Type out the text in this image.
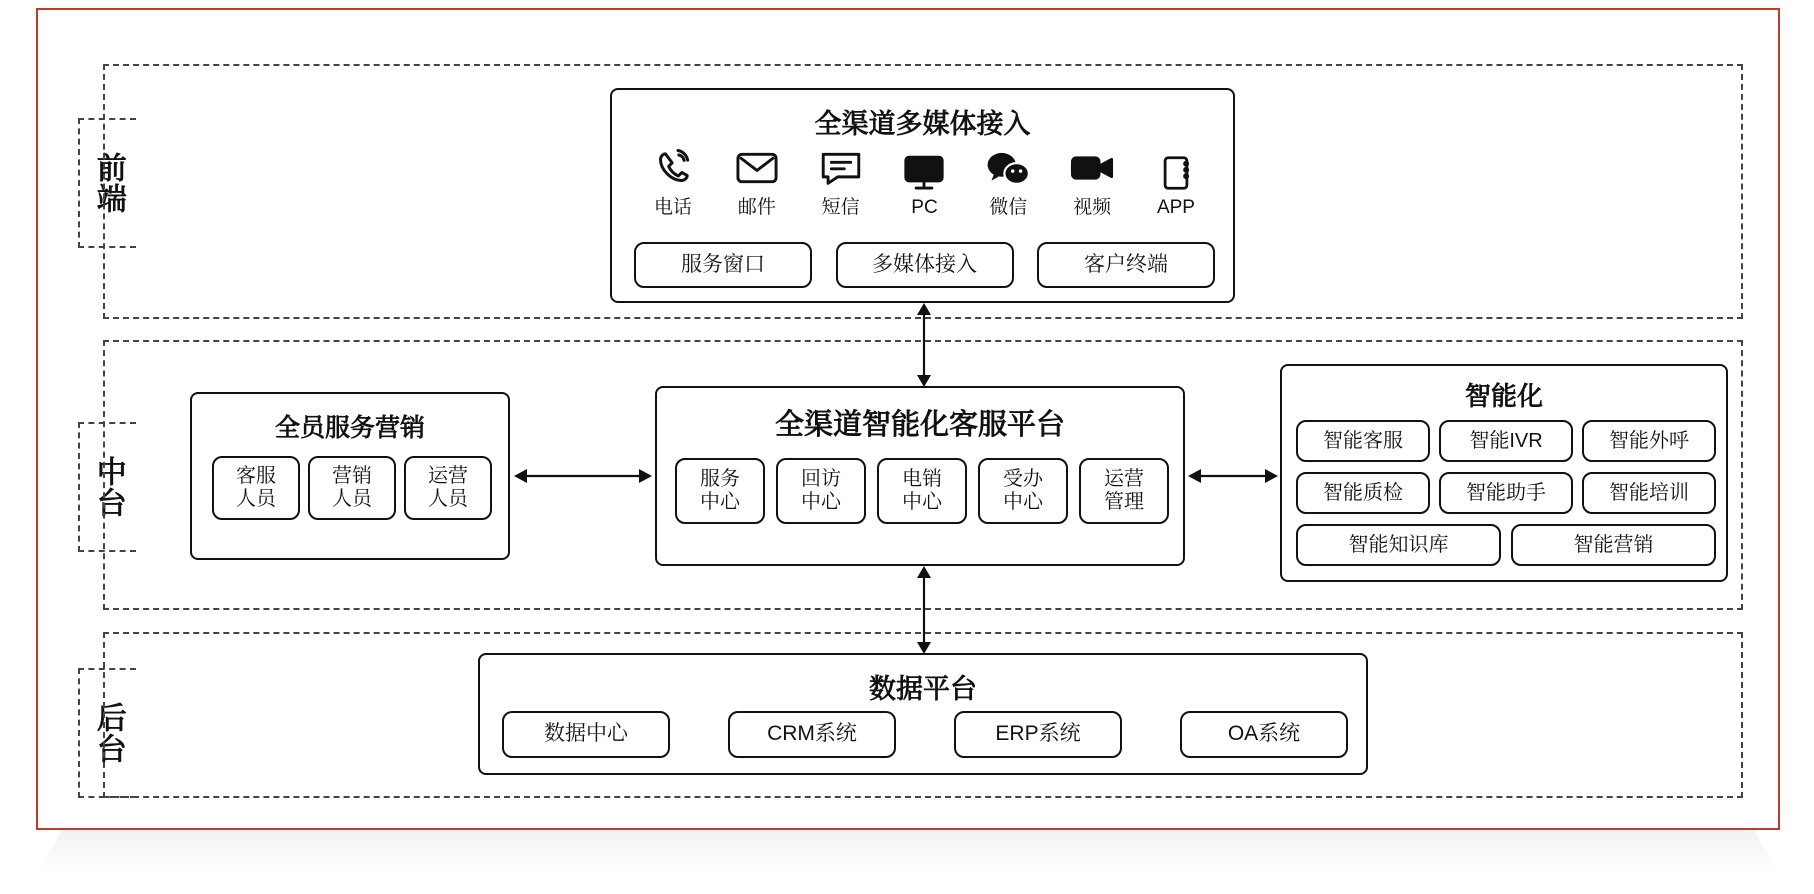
前端
全渠道多媒体接入
电话 邮件 短信	PC	微信 视频 APP
服务窗口	多媒体接入	客户终端
中台
全员服务营销
客服
人员
营销
人员
运营
人员
全渠道智能化客服平台
服务
中心
回访
中心
电销
中心
受办
中心
运营
管理
智能化
智能客服	智能IVR	智能外呼
智能质检	智能助手	智能培训
智能知识库	智能营销
后台
数据平台
数据中心	CRM系统	ERP系统	OA系统
